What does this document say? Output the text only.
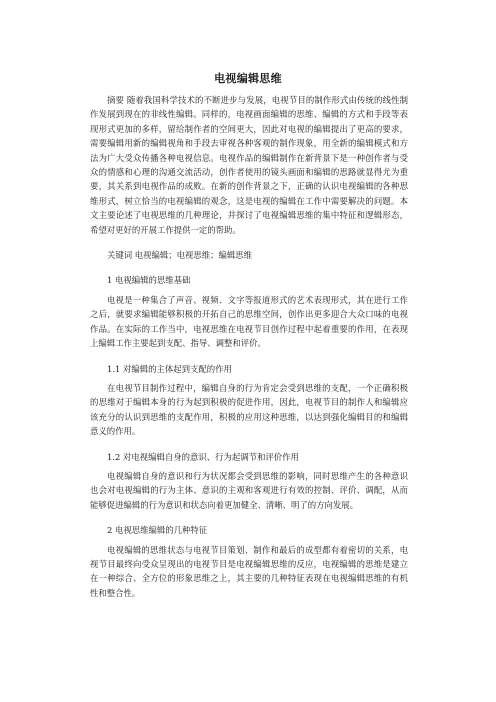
电视编辑思维

摘要 随着我国科学技术的不断进步与发展，电视节目的制作形式由传统的线性制作发展到现在的非线性编辑。同样的，电视画面编辑的思维、编辑的方式和手段等表现形式更加的多样，留给制作者的空间更大，因此对电视的编辑提出了更高的要求，需要编辑用新的编辑视角和手段去审视各种客观的制作现象，用全新的编辑模式和方法为广大受众传播各种电视信息。电视作品的编辑制作在新背景下是一种创作者与受众的情感和心理的沟通交流活动，创作者使用的镜头画面和编辑的思路就显得尤为重要，其关系到电视作品的成败。在新的创作背景之下，正确的认识电视编辑的各种思维形式，树立恰当的电视编辑的观念，这是电视的编辑在工作中需要解决的问题。本文主要论述了电视思维的几种理论，并探讨了电视编辑思维的集中特征和逻辑形态，希望对更好的开展工作提供一定的帮助。

关键词 电视编辑；电视思维；编辑思维

1 电视编辑的思维基础

电视是一种集合了声音、视频、文字等报道形式的艺术表现形式，其在进行工作之后，就要求编辑能够积极的开拓自己的思维空间，创作出更多迎合大众口味的电视作品。在实际的工作当中，电视思维在电视节目创作过程中起着重要的作用，在表现上编辑工作主要起到支配、指导、调整和评价。

1.1 对编辑的主体起到支配的作用

在电视节目制作过程中，编辑自身的行为肯定会受到思维的支配，一个正确积极的思维对于编辑本身的行为起到积极的促进作用，因此，电视节目的制作人和编辑应该充分的认识到思维的支配作用，积极的应用这种思维，以达到强化编辑目的和编辑意义的作用。

1.2 对电视编辑自身的意识、行为起调节和评价作用

电视编辑自身的意识和行为状况都会受到思维的影响，同时思维产生的各种意识也会对电视编辑的行为主体、意识的主观和客观进行有效的控制、评价、调配，从而能够促进编辑的行为意识和状态向着更加健全、清晰、明了的方向发展。

2 电视思维编辑的几种特征

电视编辑的思维状态与电视节目策划、制作和最后的成型都有着密切的关系，电视节目最终向受众呈现出的电视节目是电视编辑思维的反应，电视编辑的思维是建立在一种综合、全方位的形象思维之上，其主要的几种特征表现在电视编辑思维的有机性和整合性。
